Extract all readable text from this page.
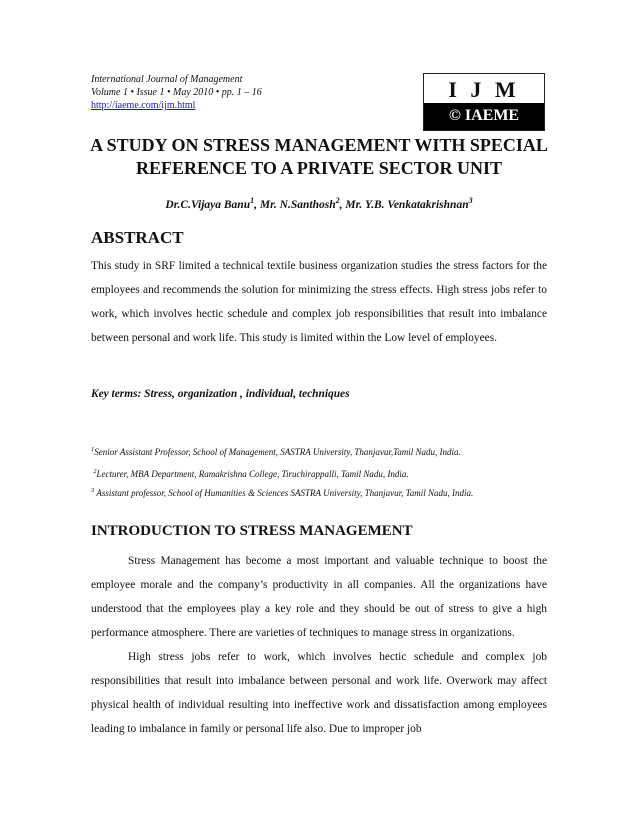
International Journal of Management
Volume 1 • Issue 1 • May 2010 • pp. 1 – 16
http://iaeme.com/ijm.html
I J M
© IAEME
A STUDY ON STRESS MANAGEMENT WITH SPECIAL REFERENCE TO A PRIVATE SECTOR UNIT
Dr.C.Vijaya Banu$^1$, Mr. N.Santhosh$^2$, Mr. Y.B. Venkatakrishnan$^3$
ABSTRACT
This study in SRF limited a technical textile business organization studies the stress factors for the employees and recommends the solution for minimizing the stress effects. High stress jobs refer to work, which involves hectic schedule and complex job responsibilities that result into imbalance between personal and work life. This study is limited within the Low level of employees.
Key terms: Stress, organization , individual, techniques
$^1$Senior Assistant Professor, School of Management, SASTRA University, Thanjavur,Tamil Nadu, India.
$^2$Lecturer, MBA Department, Ramakrishna College, Tiruchirappalli, Tamil Nadu, India.
$^3$ Assistant professor, School of Humanities & Sciences SASTRA University, Thanjavur, Tamil Nadu, India.
INTRODUCTION TO STRESS MANAGEMENT
Stress Management has become a most important and valuable technique to boost the employee morale and the company’s productivity in all companies. All the organizations have understood that the employees play a key role and they should be out of stress to give a high performance atmosphere. There are varieties of techniques to manage stress in organizations.
High stress jobs refer to work, which involves hectic schedule and complex job responsibilities that result into imbalance between personal and work life. Overwork may affect physical health of individual resulting into ineffective work and dissatisfaction among employees leading to imbalance in family or personal life also. Due to improper job
